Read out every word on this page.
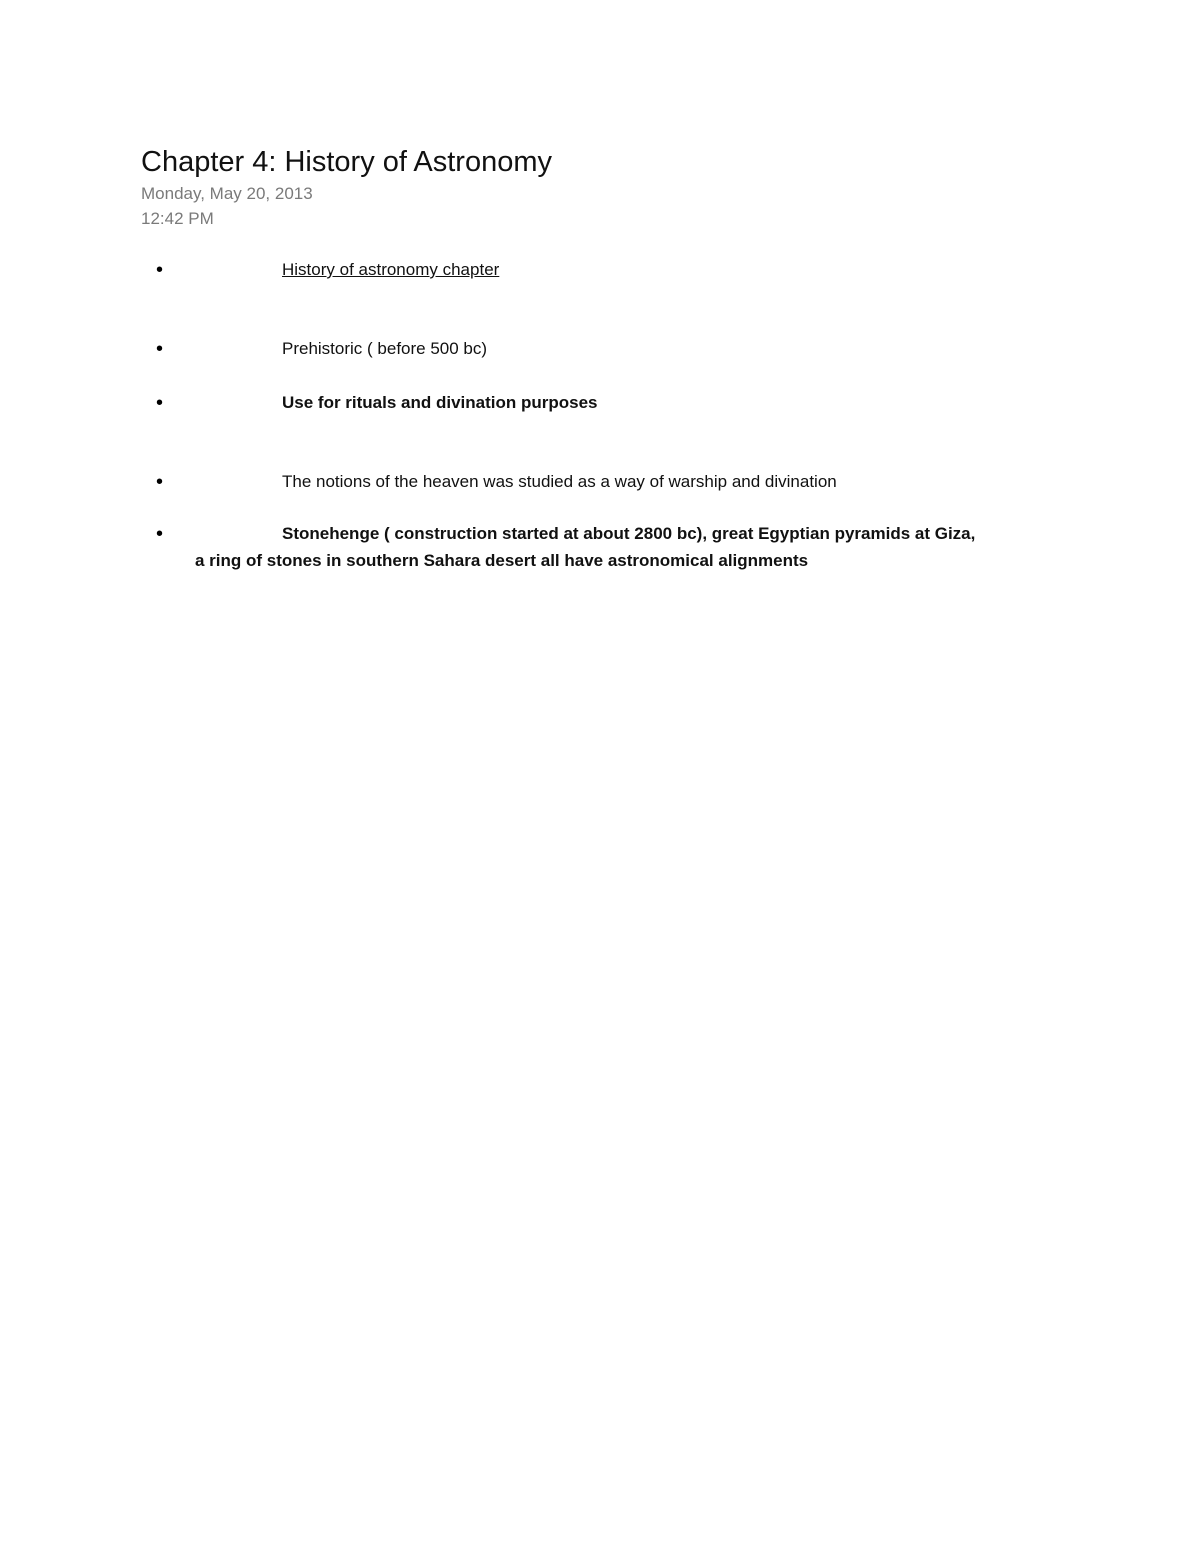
Chapter 4: History of Astronomy
Monday, May 20, 2013
12:42 PM
•	History of astronomy chapter
•	Prehistoric ( before 500 bc)
•	Use for rituals and divination purposes
•	The notions of the heaven was studied as a way of warship and divination
•	Stonehenge ( construction started at about 2800 bc), great Egyptian pyramids at Giza,
a ring of stones in southern Sahara desert all have astronomical alignments
